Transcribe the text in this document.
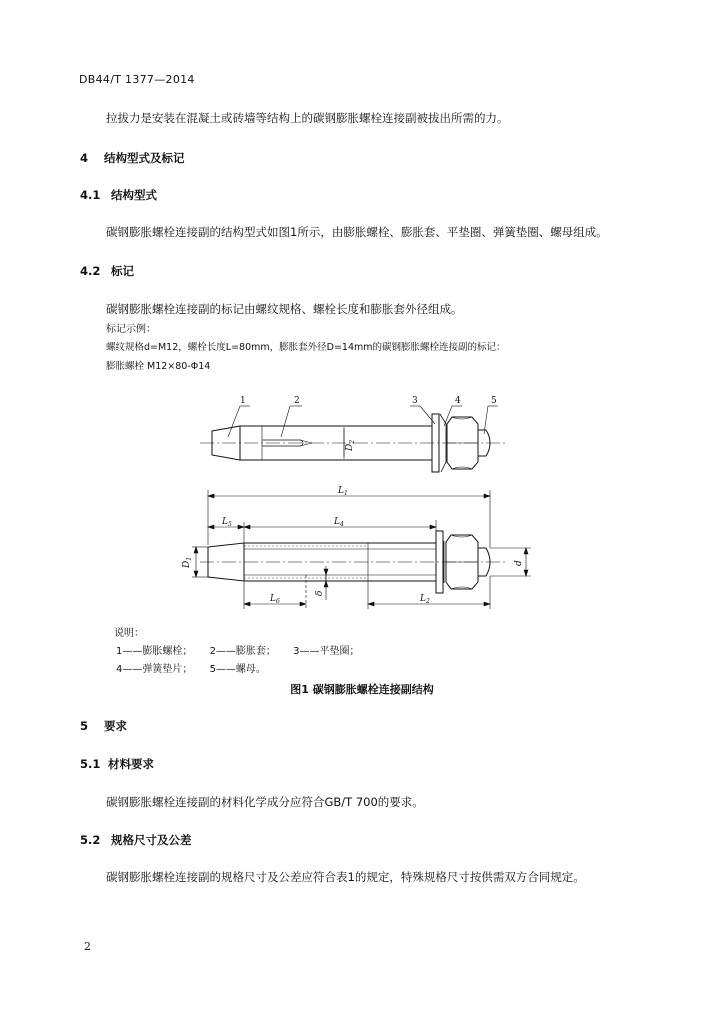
DB44/T 1377—2014
拉拔力是安装在混凝土或砖墙等结构上的碳钢膨胀螺栓连接副被拔出所需的力。
4 结构型式及标记
4.1 结构型式
碳钢膨胀螺栓连接副的结构型式如图1所示，由膨胀螺栓、膨胀套、平垫圈、弹簧垫圈、螺母组成。
4.2 标记
碳钢膨胀螺栓连接副的标记由螺纹规格、螺栓长度和膨胀套外径组成。
标记示例：
螺纹规格d=M12，螺栓长度L=80mm，膨胀套外径D=14mm的碳钢膨胀螺栓连接副的标记：
膨胀螺栓 M12×80-Φ14
1	2	3	4	5
$L_1$
$L_5$	$L_4$
$L_6$	$L_2$
$D_1$
$D_2$
d
δ
说明：
1——膨胀螺栓； 2——膨胀套； 3——平垫圈；
4——弹簧垫片； 5——螺母。
图1 碳钢膨胀螺栓连接副结构
5 要求
5.1 材料要求
碳钢膨胀螺栓连接副的材料化学成分应符合GB/T 700的要求。
5.2 规格尺寸及公差
碳钢膨胀螺栓连接副的规格尺寸及公差应符合表1的规定，特殊规格尺寸按供需双方合同规定。
2
